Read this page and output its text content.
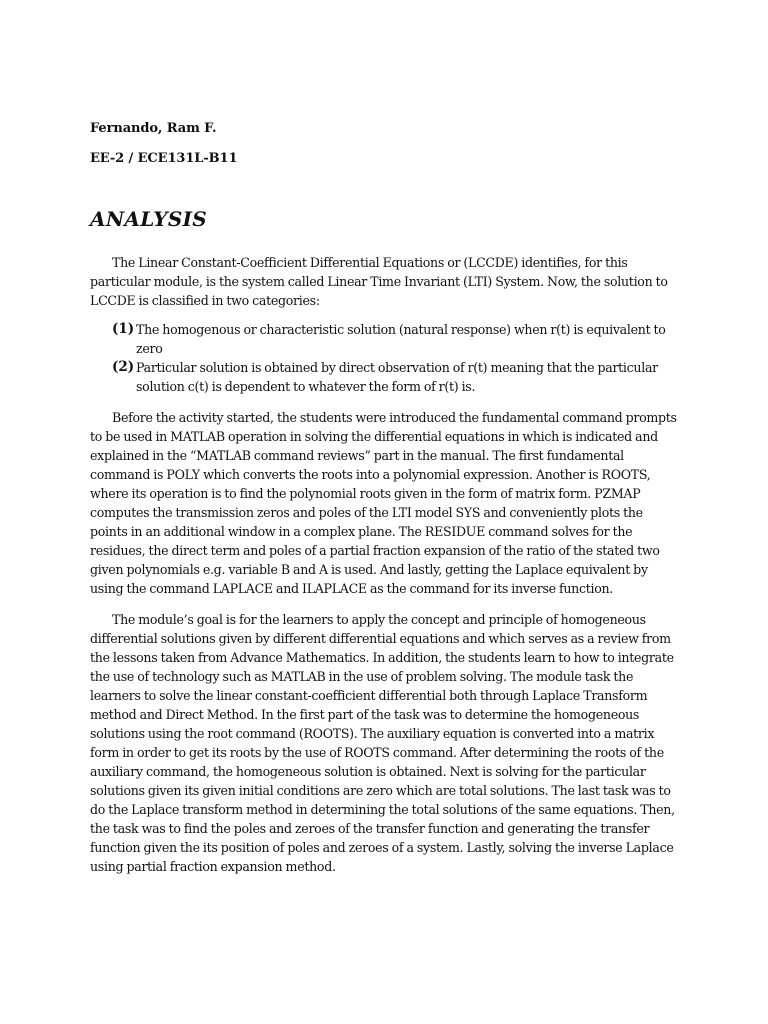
Fernando, Ram F.
EE-2 / ECE131L-B11
ANALYSIS

The Linear Constant-Coefficient Differential Equations or (LCCDE) identifies, for this particular module, is the system called Linear Time Invariant (LTI) System. Now, the solution to LCCDE is classified in two categories:

(1) The homogenous or characteristic solution (natural response) when r(t) is equivalent to zero
(2) Particular solution is obtained by direct observation of r(t) meaning that the particular solution c(t) is dependent to whatever the form of r(t) is.

Before the activity started, the students were introduced the fundamental command prompts to be used in MATLAB operation in solving the differential equations in which is indicated and explained in the “MATLAB command reviews” part in the manual. The first fundamental command is POLY which converts the roots into a polynomial expression. Another is ROOTS, where its operation is to find the polynomial roots given in the form of matrix form. PZMAP computes the transmission zeros and poles of the LTI model SYS and conveniently plots the points in an additional window in a complex plane. The RESIDUE command solves for the residues, the direct term and poles of a partial fraction expansion of the ratio of the stated two given polynomials e.g. variable B and A is used. And lastly, getting the Laplace equivalent by using the command LAPLACE and ILAPLACE as the command for its inverse function.

The module’s goal is for the learners to apply the concept and principle of homogeneous differential solutions given by different differential equations and which serves as a review from the lessons taken from Advance Mathematics. In addition, the students learn to how to integrate the use of technology such as MATLAB in the use of problem solving. The module task the learners to solve the linear constant-coefficient differential both through Laplace Transform method and Direct Method. In the first part of the task was to determine the homogeneous solutions using the root command (ROOTS). The auxiliary equation is converted into a matrix form in order to get its roots by the use of ROOTS command. After determining the roots of the auxiliary command, the homogeneous solution is obtained. Next is solving for the particular solutions given its given initial conditions are zero which are total solutions. The last task was to do the Laplace transform method in determining the total solutions of the same equations. Then, the task was to find the poles and zeroes of the transfer function and generating the transfer function given the its position of poles and zeroes of a system. Lastly, solving the inverse Laplace using partial fraction expansion method.
